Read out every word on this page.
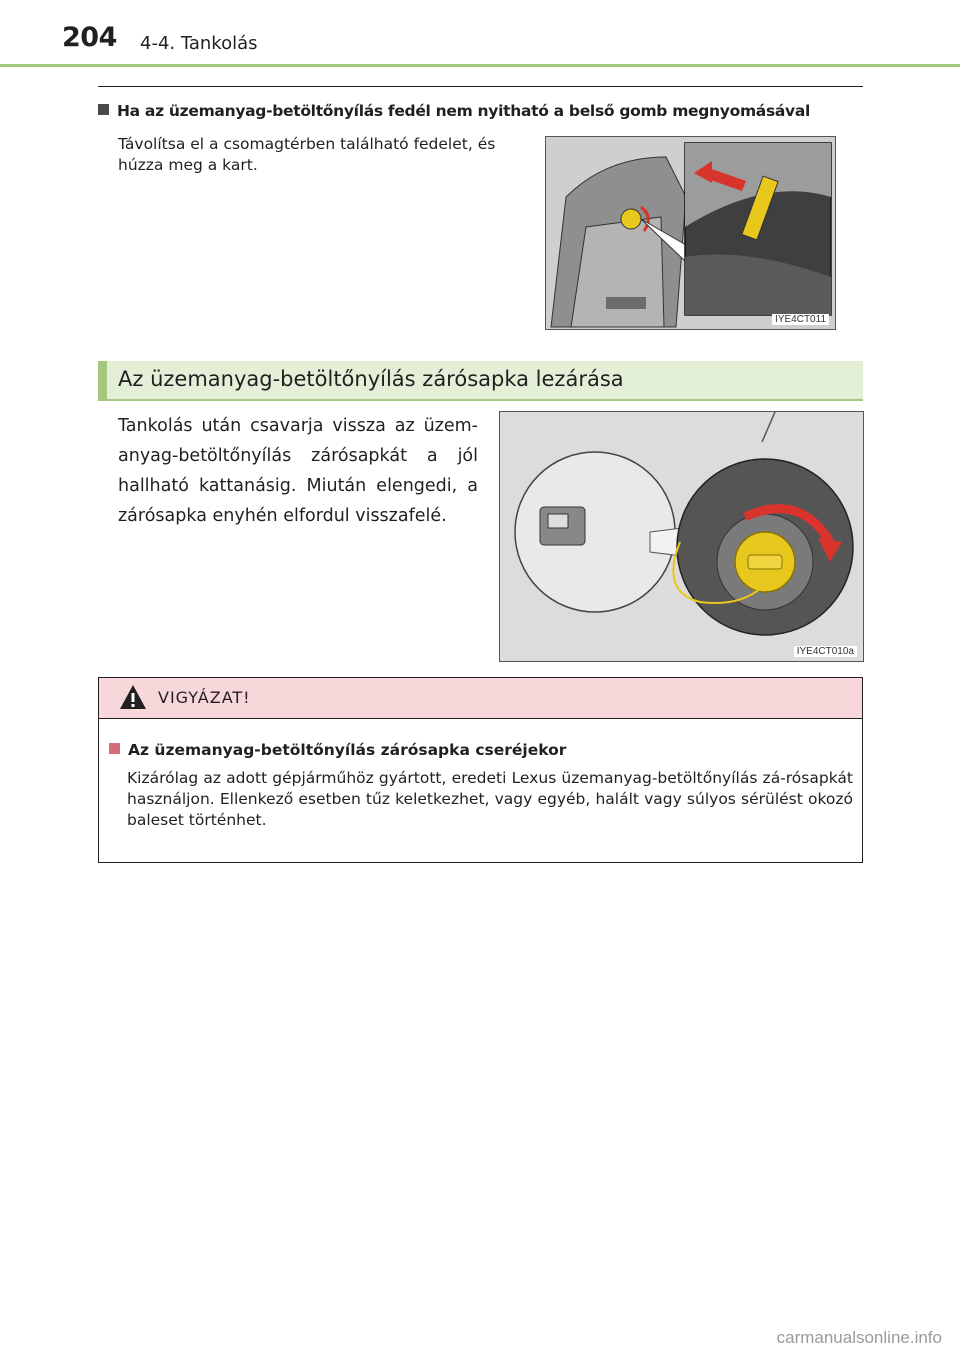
204 4-4. Tankolás
Ha az üzemanyag-betöltőnyílás fedél nem nyitható a belső gomb megnyomásával
Távolítsa el a csomagtérben található fedelet, és húzza meg a kart.
IYE4CT011
Az üzemanyag-betöltőnyílás zárósapka lezárása
Tankolás után csavarja vissza az üzem-anyag-betöltőnyílás zárósapkát a jól hallható kattanásig. Miután elengedi, a zárósapka enyhén elfordul visszafelé.
IYE4CT010a
VIGYÁZAT!
Az üzemanyag-betöltőnyílás zárósapka cseréjekor
Kizárólag az adott gépjárműhöz gyártott, eredeti Lexus üzemanyag-betöltőnyílás zá-rósapkát használjon. Ellenkező esetben tűz keletkezhet, vagy egyéb, halált vagy súlyos sérülést okozó baleset történhet.
carmanualsonline.info
